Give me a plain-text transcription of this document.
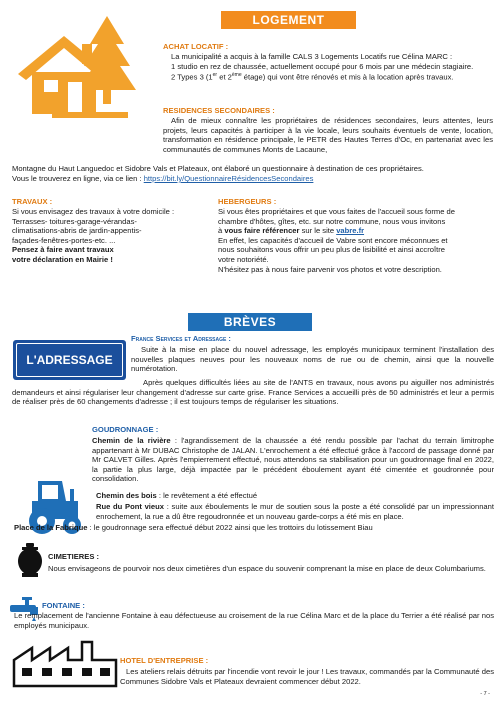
LOGEMENT
ACHAT LOCATIF :

La municipalité a acquis à la famille CALS 3 Logements Locatifs rue Célina MARC :

1 studio en rez de chaussée, actuellement occupé pour 6 mois par une médecin stagiaire.

2 Types 3 (1er et 2ème étage) qui vont être rénovés et mis à la location après travaux.

RESIDENCES SECONDAIRES :

Afin de mieux connaître les propriétaires de résidences secondaires, leurs attentes, leurs projets, leurs capacités à participer à la vie locale, leurs souhaits éventuels de vente, location, transformation en résidence principale, le PETR des Hautes Terres d'Oc, en partenariat avec les communautés de communes Monts de Lacaune,

Montagne du Haut Languedoc et Sidobre Vals et Plateaux, ont élaboré un questionnaire à destination de ces propriétaires.

Vous le trouverez en ligne, via ce lien : https://bit.ly/QuestionnaireRésidencesSecondaires

TRAVAUX :

Si vous envisagez des travaux à votre domicile :

Terrasses- toitures-garage-vérandas-

climatisations-abris de jardin-appentis-

façades-fenêtres-portes-etc. ...

Pensez à faire avant travaux

votre déclaration en Mairie !

HEBERGEURS :

Si vous êtes propriétaires et que vous faites de l'accueil sous forme de

chambre d'hôtes, gîtes, etc. sur notre commune, nous vous invitons

à vous faire référencer sur le site vabre.fr

En effet, les capacités d'accueil de Vabre sont encore méconnues et

nous souhaitons vous offrir un peu plus de lisibilité et ainsi accroître

votre notoriété.

N'hésitez pas à nous faire parvenir vos photos et votre description.

BRÈVES
L'ADRESSAGE
France Services et Adressage :

Suite à la mise en place du nouvel adressage, les employés municipaux terminent l'installation des nouvelles plaques neuves pour les nouveaux noms de rue ou de chemin, ainsi que la nouvelle numérotation.

Après quelques difficultés liées au site de l'ANTS en travaux, nous avons pu aiguiller nos administrés demandeurs et ainsi régulariser leur changement d'adresse sur carte grise. France Services a accueilli près de 50 administrés et leur a permis de réaliser près de 60 changements d'adresse ; il est toujours temps de régulariser les situations.

GOUDRONNAGE :

Chemin de la rivière : l'agrandissement de la chaussée a été rendu possible par l'achat du terrain limitrophe appartenant à Mr DUBAC Christophe de JALAN. L'enrochement a été effectué grâce à l'accord de passage donné par Mr CALVET Gilles. Après l'empierrement effectué, nous attendons sa stabilisation pour un goudronnage final en 2022, la partie la plus large, déjà impactée par le précédent éboulement ayant été cimentée et goudronnée pour consolidation.

Chemin des bois : le revêtement a été effectué

Rue du Pont vieux : suite aux éboulements le mur de soutien sous la poste a été consolidé par un impressionnant enrochement, la rue a dû être regoudronnée et un nouveau garde-corps a été mis en place.

Place de la Fabrique : le goudronnage sera effectué début 2022 ainsi que les trottoirs du lotissement Biau

CIMETIERES :

Nous envisageons de pourvoir nos deux cimetières d'un espace du souvenir comprenant la mise en place de deux Columbariums.

FONTAINE :

Le remplacement de l'ancienne Fontaine à eau défectueuse au croisement de la rue Célina Marc et de la place du Terrier a été réalisé par nos employés municipaux.

HOTEL D'ENTREPRISE :

Les ateliers relais détruits par l'incendie vont revoir le jour ! Les travaux, commandés par la Communauté des Communes Sidobre Vals et Plateaux devraient commencer début 2022.

- 7 -
